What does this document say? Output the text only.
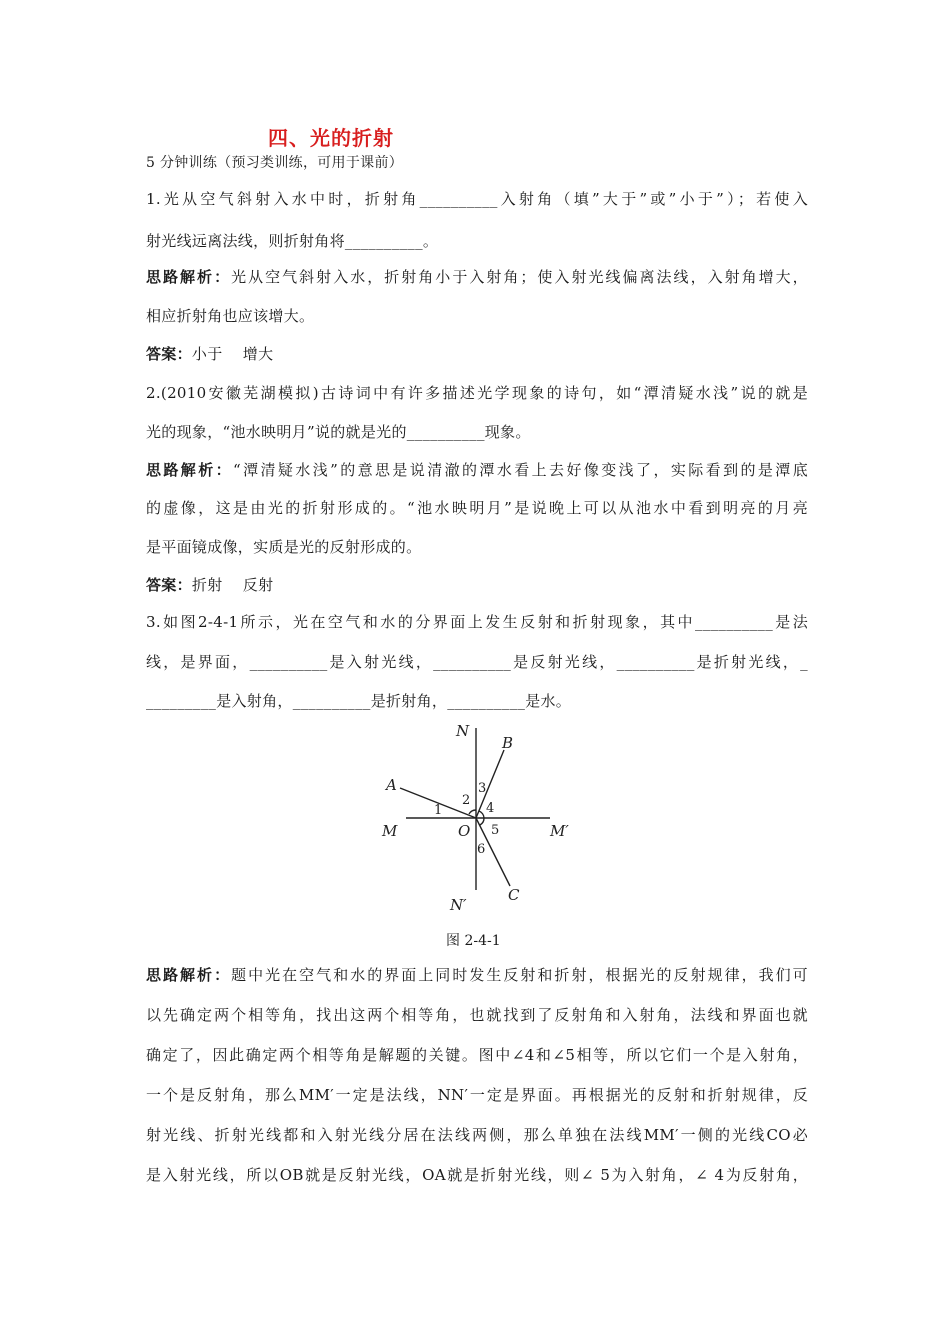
四、光的折射
5 分钟训练（预习类训练，可用于课前）
1.光从空气斜射入水中时，折射角__________入射角（填”大于”或”小于”）；若使入
射光线远离法线，则折射角将__________。
思路解析：光从空气斜射入水，折射角小于入射角；使入射光线偏离法线，入射角增大，
相应折射角也应该增大。
答案：小于    增大
2.(2010安徽芜湖模拟)古诗词中有许多描述光学现象的诗句，如“潭清疑水浅”说的就是
光的现象，“池水映明月”说的就是光的__________现象。
思路解析：“潭清疑水浅”的意思是说清澈的潭水看上去好像变浅了，实际看到的是潭底
的虚像，这是由光的折射形成的。“池水映明月”是说晚上可以从池水中看到明亮的月亮
是平面镜成像，实质是光的反射形成的。
答案：折射    反射
3.如图2-4-1所示，光在空气和水的分界面上发生反射和折射现象，其中__________是法
线，是界面，__________是入射光线，__________是反射光线，__________是折射光线，_
_________是入射角，__________是折射角，__________是水。
思路解析：题中光在空气和水的界面上同时发生反射和折射，根据光的反射规律，我们可
以先确定两个相等角，找出这两个相等角，也就找到了反射角和入射角，法线和界面也就
确定了，因此确定两个相等角是解题的关键。图中∠4和∠5相等，所以它们一个是入射角，
一个是反射角，那么MM′一定是法线，NN′一定是界面。再根据光的反射和折射规律，反
射光线、折射光线都和入射光线分居在法线两侧，那么单独在法线MM′一侧的光线CO必
是入射光线，所以OB就是反射光线，OA就是折射光线，则∠ 5为入射角，∠ 4为反射角，
N
B
A
M	O	M′
N′
C
1
2
3
4
5
6
图 2-4-1
